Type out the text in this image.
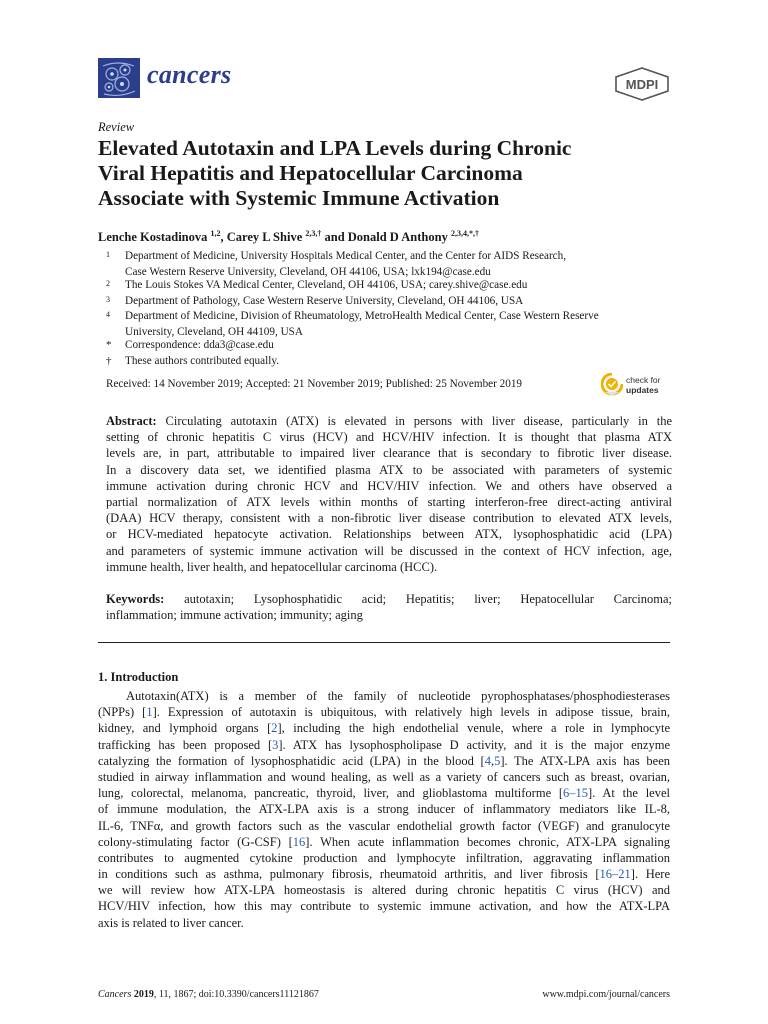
cancers	MDPI
Review
Elevated Autotaxin and LPA Levels during Chronic
Viral Hepatitis and Hepatocellular Carcinoma
Associate with Systemic Immune Activation
Lenche Kostadinova $^{1,2}$, Carey L Shive $^{2,3,\dagger}$ and Donald D Anthony $^{2,3,4,*,\dagger}$
1	Department of Medicine, University Hospitals Medical Center, and the Center for AIDS Research,
Case Western Reserve University, Cleveland, OH 44106, USA; lxk194@case.edu
2	The Louis Stokes VA Medical Center, Cleveland, OH 44106, USA; carey.shive@case.edu
3	Department of Pathology, Case Western Reserve University, Cleveland, OH 44106, USA
4	Department of Medicine, Division of Rheumatology, MetroHealth Medical Center, Case Western Reserve
University, Cleveland, OH 44109, USA
*	Correspondence: dda3@case.edu
†	These authors contributed equally.
Received: 14 November 2019; Accepted: 21 November 2019; Published: 25 November 2019	check for
updates
Abstract: Circulating autotaxin (ATX) is elevated in persons with liver disease, particularly in the
setting of chronic hepatitis C virus (HCV) and HCV/HIV infection. It is thought that plasma ATX
levels are, in part, attributable to impaired liver clearance that is secondary to fibrotic liver disease.
In a discovery data set, we identified plasma ATX to be associated with parameters of systemic
immune activation during chronic HCV and HCV/HIV infection. We and others have observed a
partial normalization of ATX levels within months of starting interferon-free direct-acting antiviral
(DAA) HCV therapy, consistent with a non-fibrotic liver disease contribution to elevated ATX levels,
or HCV-mediated hepatocyte activation. Relationships between ATX, lysophosphatidic acid (LPA)
and parameters of systemic immune activation will be discussed in the context of HCV infection, age,
immune health, liver health, and hepatocellular carcinoma (HCC).
Keywords: autotaxin; Lysophosphatidic acid; Hepatitis; liver; Hepatocellular Carcinoma;
inflammation; immune activation; immunity; aging
1. Introduction
Autotaxin(ATX) is a member of the family of nucleotide pyrophosphatases/phosphodiesterases
(NPPs) [1]. Expression of autotaxin is ubiquitous, with relatively high levels in adipose tissue, brain,
kidney, and lymphoid organs [2], including the high endothelial venule, where a role in lymphocyte
trafficking has been proposed [3]. ATX has lysophospholipase D activity, and it is the major enzyme
catalyzing the formation of lysophosphatidic acid (LPA) in the blood [4,5]. The ATX-LPA axis has been
studied in airway inflammation and wound healing, as well as a variety of cancers such as breast, ovarian,
lung, colorectal, melanoma, pancreatic, thyroid, liver, and glioblastoma multiforme [6–15]. At the level
of immune modulation, the ATX-LPA axis is a strong inducer of inflammatory mediators like IL-8,
IL-6, TNFα, and growth factors such as the vascular endothelial growth factor (VEGF) and granulocyte
colony-stimulating factor (G-CSF) [16]. When acute inflammation becomes chronic, ATX-LPA signaling
contributes to augmented cytokine production and lymphocyte infiltration, aggravating inflammation
in conditions such as asthma, pulmonary fibrosis, rheumatoid arthritis, and liver fibrosis [16–21]. Here
we will review how ATX-LPA homeostasis is altered during chronic hepatitis C virus (HCV) and
HCV/HIV infection, how this may contribute to systemic immune activation, and how the ATX-LPA
axis is related to liver cancer.
Cancers 2019, 11, 1867; doi:10.3390/cancers11121867	www.mdpi.com/journal/cancers
